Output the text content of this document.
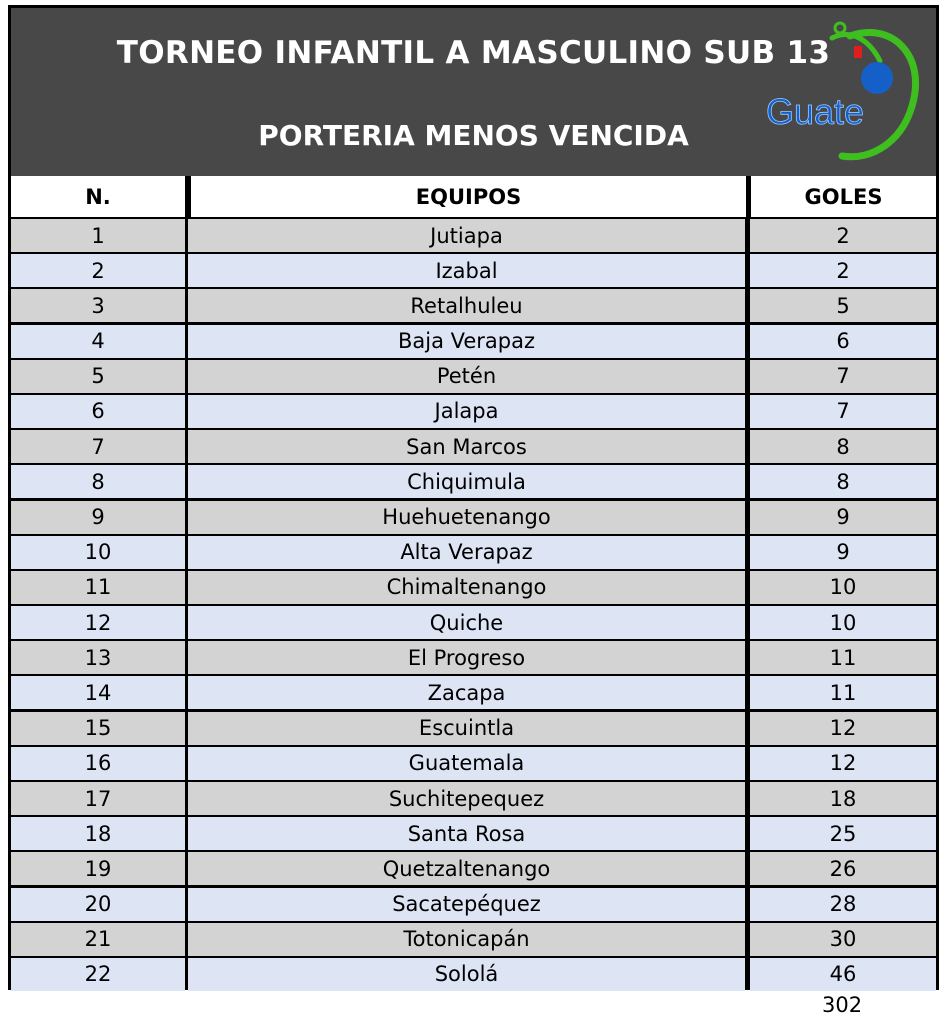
TORNEO INFANTIL A MASCULINO SUB 13
PORTERIA MENOS VENCIDA
Guate
N.	EQUIPOS	GOLES
1	Jutiapa	2
2	Izabal	2
3	Retalhuleu	5
4	Baja Verapaz	6
5	Petén	7
6	Jalapa	7
7	San Marcos	8
8	Chiquimula	8
9	Huehuetenango	9
10	Alta Verapaz	9
11	Chimaltenango	10
12	Quiche	10
13	El Progreso	11
14	Zacapa	11
15	Escuintla	12
16	Guatemala	12
17	Suchitepequez	18
18	Santa Rosa	25
19	Quetzaltenango	26
20	Sacatepéquez	28
21	Totonicapán	30
22	Sololá	46
302
